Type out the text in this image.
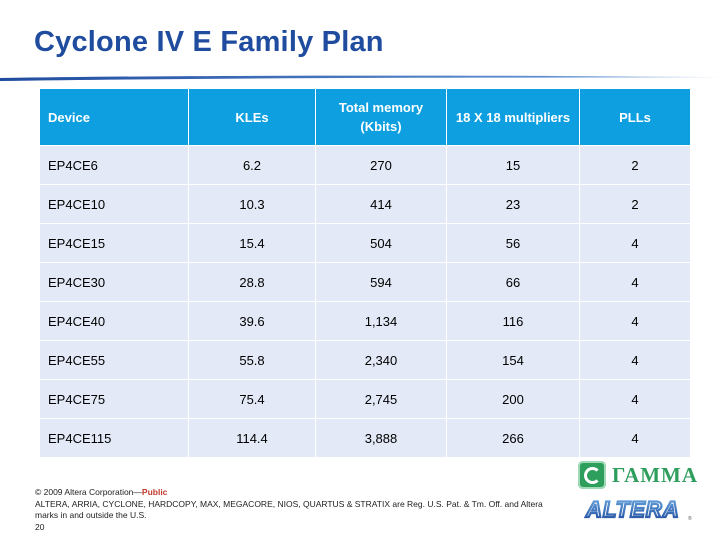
Cyclone IV E Family Plan
Device	KLEs	Total memory (Kbits)	18 X 18 multipliers	PLLs
EP4CE6	6.2	270	15	2
EP4CE10	10.3	414	23	2
EP4CE15	15.4	504	56	4
EP4CE30	28.8	594	66	4
EP4CE40	39.6	1,134	116	4
EP4CE55	55.8	2,340	154	4
EP4CE75	75.4	2,745	200	4
EP4CE115	114.4	3,888	266	4
© 2009 Altera Corporation—Public
ALTERA, ARRIA, CYCLONE, HARDCOPY, MAX, MEGACORE, NIOS, QUARTUS & STRATIX are Reg. U.S. Pat. & Tm. Off. and Altera marks in and outside the U.S.
20
ГАММА
ALTERA ®
